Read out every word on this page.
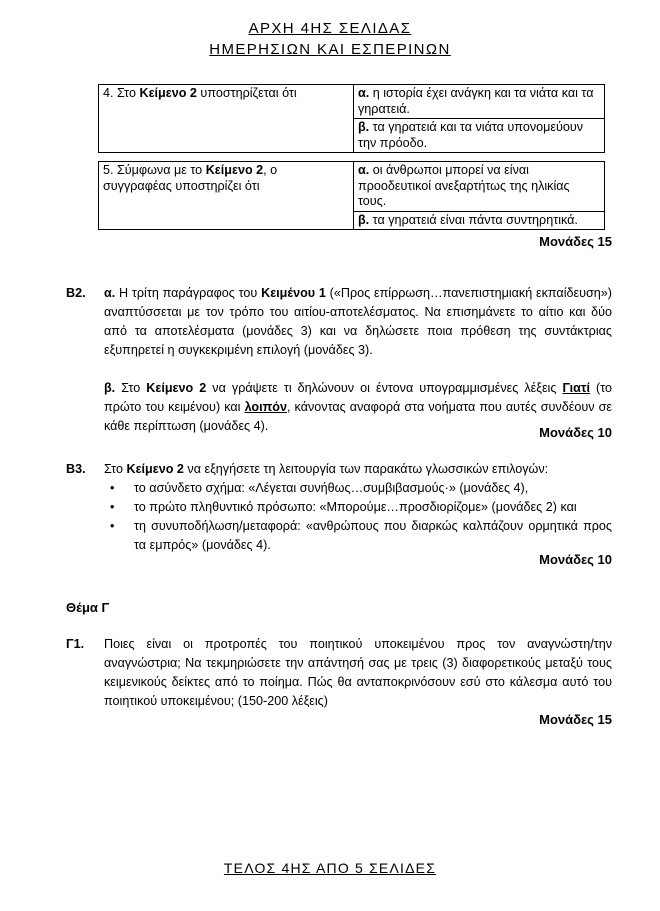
ΑΡΧΗ 4ΗΣ ΣΕΛΙΔΑΣ
ΗΜΕΡΗΣΙΩΝ ΚΑΙ ΕΣΠΕΡΙΝΩΝ
4. Στο Κείμενο 2 υποστηρίζεται ότι	α. η ιστορία έχει ανάγκη και τα νιάτα και τα γηρατειά.
β. τα γηρατειά και τα νιάτα υπονομεύουν την πρόοδο.
5. Σύμφωνα με το Κείμενο 2, ο συγγραφέας υποστηρίζει ότι	α. οι άνθρωποι μπορεί να είναι προοδευτικοί ανεξαρτήτως της ηλικίας τους.
β. τα γηρατειά είναι πάντα συντηρητικά.
Μονάδες 15
Β2. α. Η τρίτη παράγραφος του Κειμένου 1 («Προς επίρρωση…πανεπιστημιακή εκπαίδευση») αναπτύσσεται με τον τρόπο του αιτίου-αποτελέσματος. Να επισημάνετε το αίτιο και δύο από τα αποτελέσματα (μονάδες 3) και να δηλώσετε ποια πρόθεση της συντάκτριας εξυπηρετεί η συγκεκριμένη επιλογή (μονάδες 3).

β. Στο Κείμενο 2 να γράψετε τι δηλώνουν οι έντονα υπογραμμισμένες λέξεις Γιατί (το πρώτο του κειμένου) και λοιπόν, κάνοντας αναφορά στα νοήματα που αυτές συνδέουν σε κάθε περίπτωση (μονάδες 4).	Μονάδες 10
Β3. Στο Κείμενο 2 να εξηγήσετε τη λειτουργία των παρακάτω γλωσσικών επιλογών:

• το ασύνδετο σχήμα: «Λέγεται συνήθως…συμβιβασμούς·» (μονάδες 4),
• το πρώτο πληθυντικό πρόσωπο: «Μπορούμε…προσδιορίζομε» (μονάδες 2) και
• τη συνυποδήλωση/μεταφορά: «ανθρώπους που διαρκώς καλπάζουν ορμητικά προς τα εμπρός» (μονάδες 4).
Μονάδες 10
Θέμα Γ
Γ1. Ποιες είναι οι προτροπές του ποιητικού υποκειμένου προς τον αναγνώστη/την αναγνώστρια; Να τεκμηριώσετε την απάντησή σας με τρεις (3) διαφορετικούς μεταξύ τους κειμενικούς δείκτες από το ποίημα. Πώς θα ανταποκρινόσουν εσύ στο κάλεσμα αυτό του ποιητικού υποκειμένου; (150-200 λέξεις)

Μονάδες 15
ΤΕΛΟΣ 4ΗΣ ΑΠΟ 5 ΣΕΛΙΔΕΣ
